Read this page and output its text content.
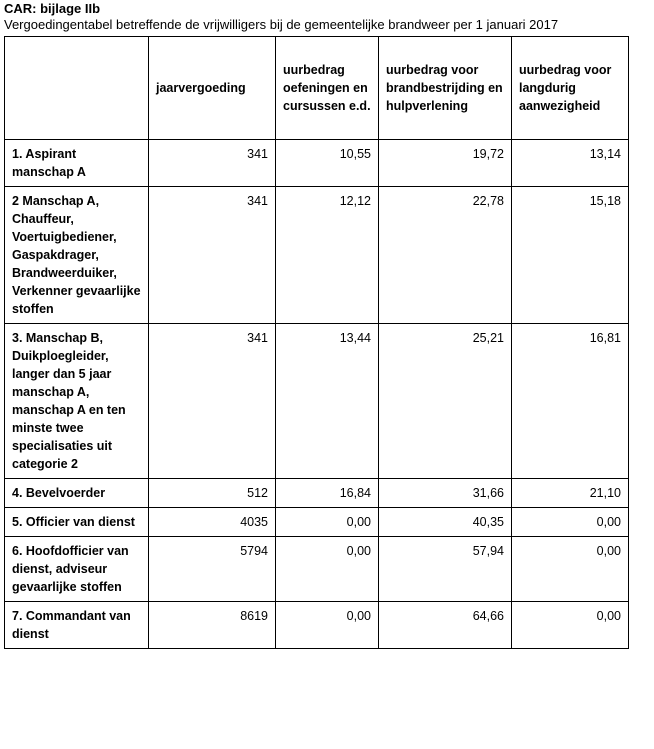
CAR: bijlage IIb
Vergoedingentabel betreffende de vrijwilligers bij de gemeentelijke brandweer per 1 januari 2017
	jaarvergoeding	uurbedrag oefeningen en cursussen e.d.	uurbedrag voor brandbestrijding en hulpverlening	uurbedrag voor langdurig aanwezigheid
1. Aspirant manschap A	341	10,55	19,72	13,14
2 Manschap A, Chauffeur, Voertuigbediener, Gaspakdrager, Brandweerduiker, Verkenner gevaarlijke stoffen	341	12,12	22,78	15,18
3. Manschap B, Duikploegleider, langer dan 5 jaar manschap A, manschap A en ten minste twee specialisaties uit categorie 2	341	13,44	25,21	16,81
4. Bevelvoerder	512	16,84	31,66	21,10
5. Officier van dienst	4035	0,00	40,35	0,00
6. Hoofdofficier van dienst, adviseur gevaarlijke stoffen	5794	0,00	57,94	0,00
7. Commandant van dienst	8619	0,00	64,66	0,00
